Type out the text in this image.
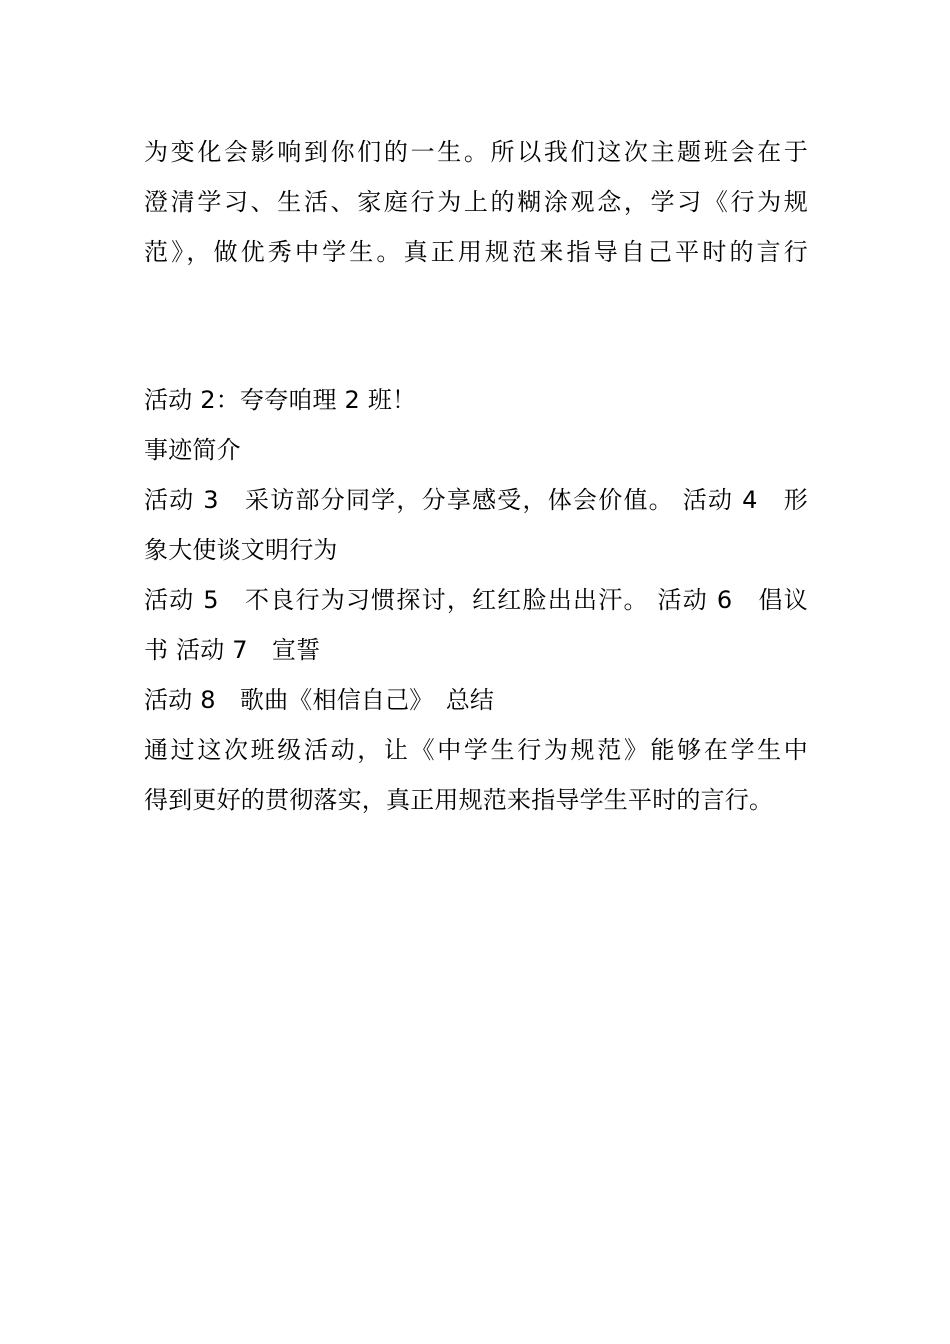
为变化会影响到你们的一生。所以我们这次主题班会在于
澄清学习、生活、家庭行为上的糊涂观念，学习《行为规
范》，做优秀中学生。真正用规范来指导自己平时的言行
活动 2：夸夸咱理 2 班！
事迹简介
活动 3　采访部分同学，分享感受，体会价值。 活动 4　形
象大使谈文明行为
活动 5　不良行为习惯探讨，红红脸出出汗。 活动 6　倡议
书 活动 7　宣誓
活动 8　歌曲《相信自己》　总结
通过这次班级活动，让《中学生行为规范》能够在学生中
得到更好的贯彻落实，真正用规范来指导学生平时的言行。
